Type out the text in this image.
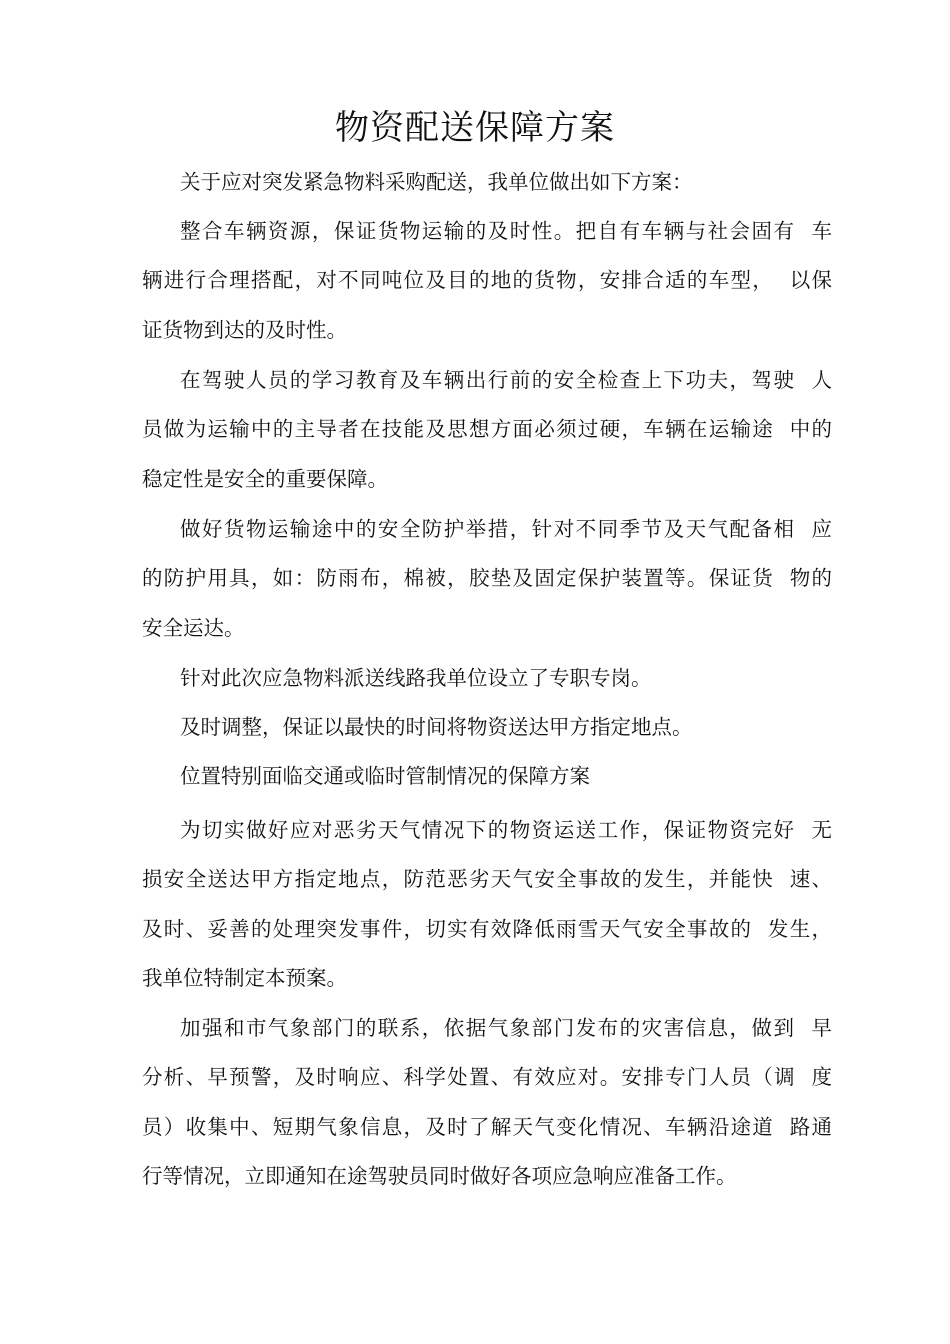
物资配送保障方案
关于应对突发紧急物料采购配送，我单位做出如下方案：
整合车辆资源，保证货物运输的及时性。把自有车辆与社会固有  车
辆进行合理搭配，对不同吨位及目的地的货物，安排合适的车型，  以保
证货物到达的及时性。
在驾驶人员的学习教育及车辆出行前的安全检查上下功夫，驾驶  人
员做为运输中的主导者在技能及思想方面必须过硬，车辆在运输途  中的
稳定性是安全的重要保障。
做好货物运输途中的安全防护举措，针对不同季节及天气配备相  应
的防护用具，如：防雨布，棉被，胶垫及固定保护装置等。保证货  物的
安全运达。
针对此次应急物料派送线路我单位设立了专职专岗。
及时调整，保证以最快的时间将物资送达甲方指定地点。
位置特别面临交通或临时管制情况的保障方案
为切实做好应对恶劣天气情况下的物资运送工作，保证物资完好  无
损安全送达甲方指定地点，防范恶劣天气安全事故的发生，并能快  速、
及时、妥善的处理突发事件，切实有效降低雨雪天气安全事故的  发生，
我单位特制定本预案。
加强和市气象部门的联系，依据气象部门发布的灾害信息，做到  早
分析、早预警，及时响应、科学处置、有效应对。安排专门人员（调  度
员）收集中、短期气象信息，及时了解天气变化情况、车辆沿途道  路通
行等情况，立即通知在途驾驶员同时做好各项应急响应准备工作。
